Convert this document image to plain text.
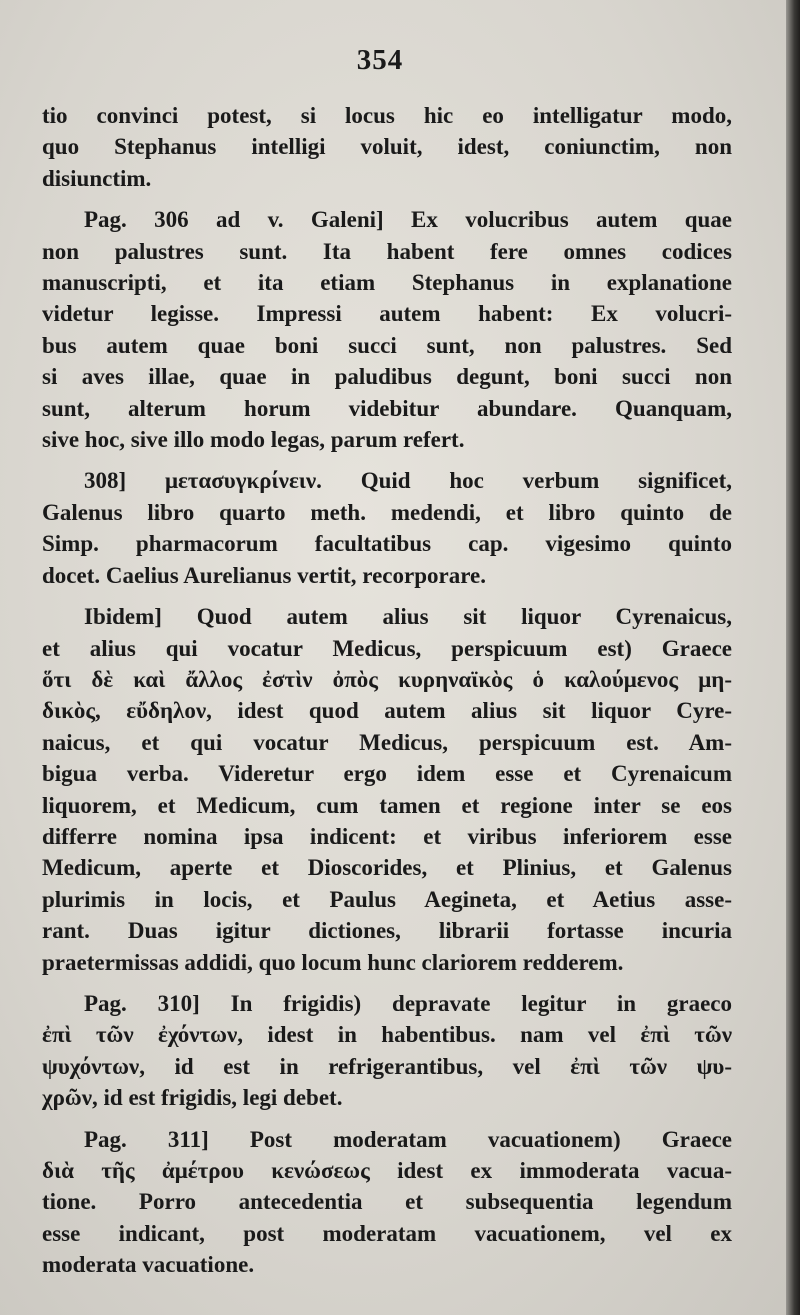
354
tio convinci potest, si locus hic eo intelligatur modo,
quo Stephanus intelligi voluit, idest, coniunctim, non
disiunctim.
Pag. 306 ad v. Galeni] Ex volucribus autem quae
non palustres sunt. Ita habent fere omnes codices
manuscripti, et ita etiam Stephanus in explanatione
videtur legisse. Impressi autem habent: Ex volucri-
bus autem quae boni succi sunt, non palustres. Sed
si aves illae, quae in paludibus degunt, boni succi non
sunt, alterum horum videbitur abundare. Quanquam,
sive hoc, sive illo modo legas, parum refert.
308] μετασυγκρίνειν. Quid hoc verbum significet,
Galenus libro quarto meth. medendi, et libro quinto de
Simp. pharmacorum facultatibus cap. vigesimo quinto
docet. Caelius Aurelianus vertit, recorporare.
Ibidem] Quod autem alius sit liquor Cyrenaicus,
et alius qui vocatur Medicus, perspicuum est) Graece
ὅτι δὲ καὶ ἄλλος ἐστὶν ὀπὸς κυρηναϊκὸς ὁ καλούμενος μη-
δικὸς, εὔδηλον, idest quod autem alius sit liquor Cyre-
naicus, et qui vocatur Medicus, perspicuum est. Am-
bigua verba. Videretur ergo idem esse et Cyrenaicum
liquorem, et Medicum, cum tamen et regione inter se eos
differre nomina ipsa indicent: et viribus inferiorem esse
Medicum, aperte et Dioscorides, et Plinius, et Galenus
plurimis in locis, et Paulus Aegineta, et Aetius asse-
rant. Duas igitur dictiones, librarii fortasse incuria
praetermissas addidi, quo locum hunc clariorem redderem.
Pag. 310] In frigidis) depravate legitur in graeco
ἐπὶ τῶν ἐχόντων, idest in habentibus. nam vel ἐπὶ τῶν
ψυχόντων, id est in refrigerantibus, vel ἐπὶ τῶν ψυ-
χρῶν, id est frigidis, legi debet.
Pag. 311] Post moderatam vacuationem) Graece
διὰ τῆς ἀμέτρου κενώσεως idest ex immoderata vacua-
tione. Porro antecedentia et subsequentia legendum
esse indicant, post moderatam vacuationem, vel ex
moderata vacuatione.
